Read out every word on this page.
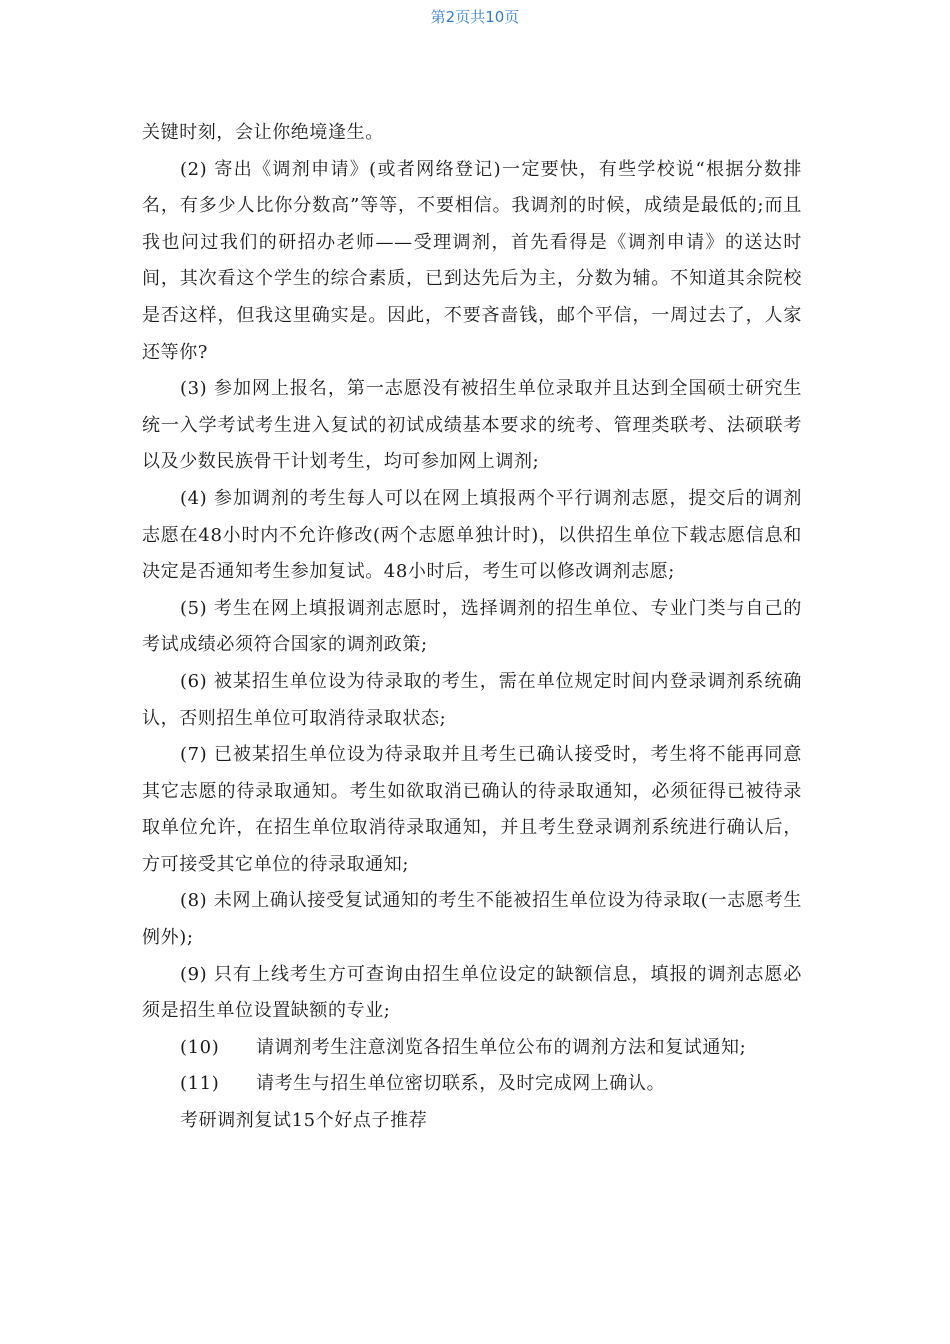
第2页共10页

关键时刻，会让你绝境逢生。

(2) 寄出《调剂申请》(或者网络登记)一定要快，有些学校说“根据分数排名，有多少人比你分数高”等等，不要相信。我调剂的时候，成绩是最低的;而且我也问过我们的研招办老师——受理调剂，首先看得是《调剂申请》的送达时间，其次看这个学生的综合素质，已到达先后为主，分数为辅。不知道其余院校是否这样，但我这里确实是。因此，不要吝啬钱，邮个平信，一周过去了，人家还等你?

(3) 参加网上报名，第一志愿没有被招生单位录取并且达到全国硕士研究生统一入学考试考生进入复试的初试成绩基本要求的统考、管理类联考、法硕联考以及少数民族骨干计划考生，均可参加网上调剂;

(4) 参加调剂的考生每人可以在网上填报两个平行调剂志愿，提交后的调剂志愿在48小时内不允许修改(两个志愿单独计时)，以供招生单位下载志愿信息和决定是否通知考生参加复试。48小时后，考生可以修改调剂志愿;

(5) 考生在网上填报调剂志愿时，选择调剂的招生单位、专业门类与自己的考试成绩必须符合国家的调剂政策;

(6) 被某招生单位设为待录取的考生，需在单位规定时间内登录调剂系统确认，否则招生单位可取消待录取状态;

(7) 已被某招生单位设为待录取并且考生已确认接受时，考生将不能再同意其它志愿的待录取通知。考生如欲取消已确认的待录取通知，必须征得已被待录取单位允许，在招生单位取消待录取通知，并且考生登录调剂系统进行确认后，方可接受其它单位的待录取通知;

(8) 未网上确认接受复试通知的考生不能被招生单位设为待录取(一志愿考生例外);

(9) 只有上线考生方可查询由招生单位设定的缺额信息，填报的调剂志愿必须是招生单位设置缺额的专业;

(10) 请调剂考生注意浏览各招生单位公布的调剂方法和复试通知;

(11) 请考生与招生单位密切联系，及时完成网上确认。

考研调剂复试15个好点子推荐
